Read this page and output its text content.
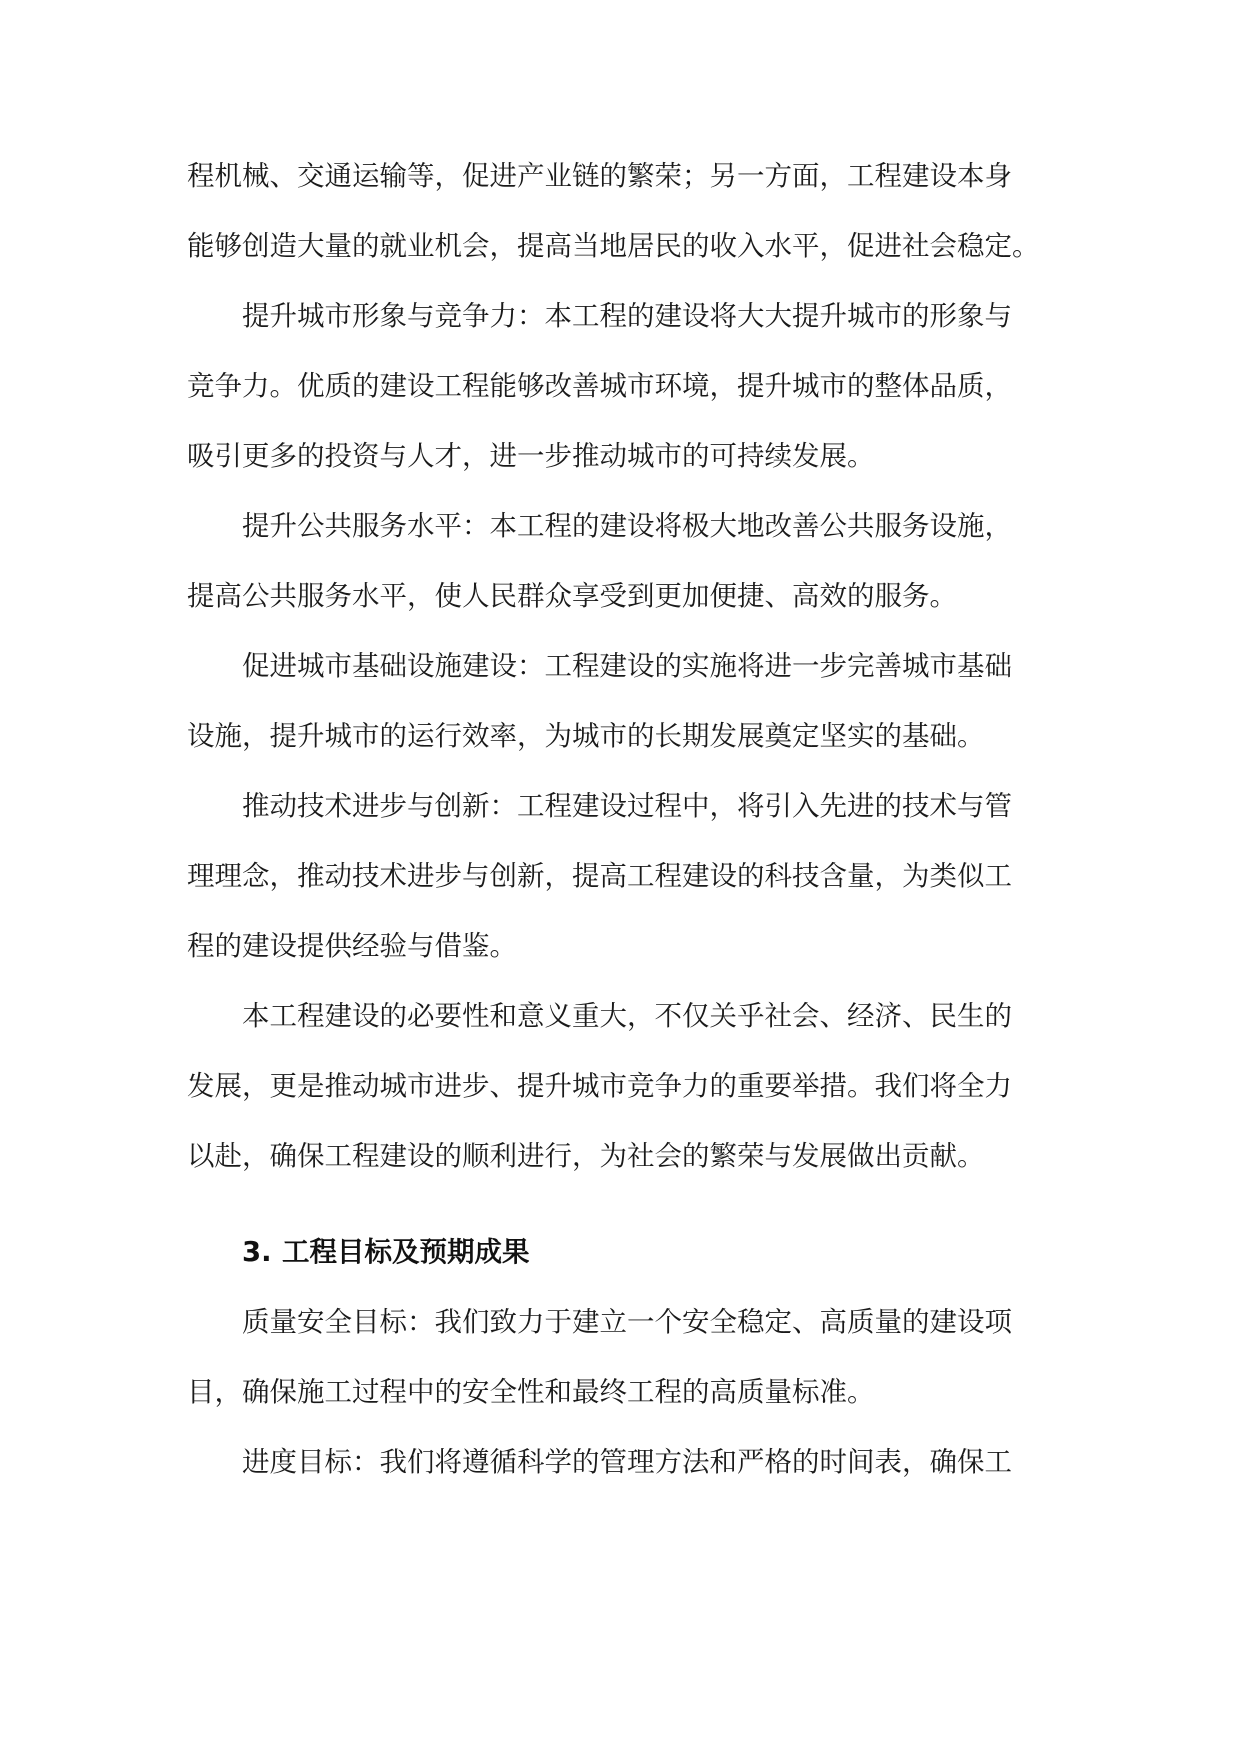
程机械、交通运输等，促进产业链的繁荣；另一方面，工程建设本身
能够创造大量的就业机会，提高当地居民的收入水平，促进社会稳定。
提升城市形象与竞争力：本工程的建设将大大提升城市的形象与
竞争力。优质的建设工程能够改善城市环境，提升城市的整体品质，
吸引更多的投资与人才，进一步推动城市的可持续发展。
提升公共服务水平：本工程的建设将极大地改善公共服务设施，
提高公共服务水平，使人民群众享受到更加便捷、高效的服务。
促进城市基础设施建设：工程建设的实施将进一步完善城市基础
设施，提升城市的运行效率，为城市的长期发展奠定坚实的基础。
推动技术进步与创新：工程建设过程中，将引入先进的技术与管
理理念，推动技术进步与创新，提高工程建设的科技含量，为类似工
程的建设提供经验与借鉴。
本工程建设的必要性和意义重大，不仅关乎社会、经济、民生的
发展，更是推动城市进步、提升城市竞争力的重要举措。我们将全力
以赴，确保工程建设的顺利进行，为社会的繁荣与发展做出贡献。
3. 工程目标及预期成果
质量安全目标：我们致力于建立一个安全稳定、高质量的建设项
目，确保施工过程中的安全性和最终工程的高质量标准。
进度目标：我们将遵循科学的管理方法和严格的时间表，确保工
